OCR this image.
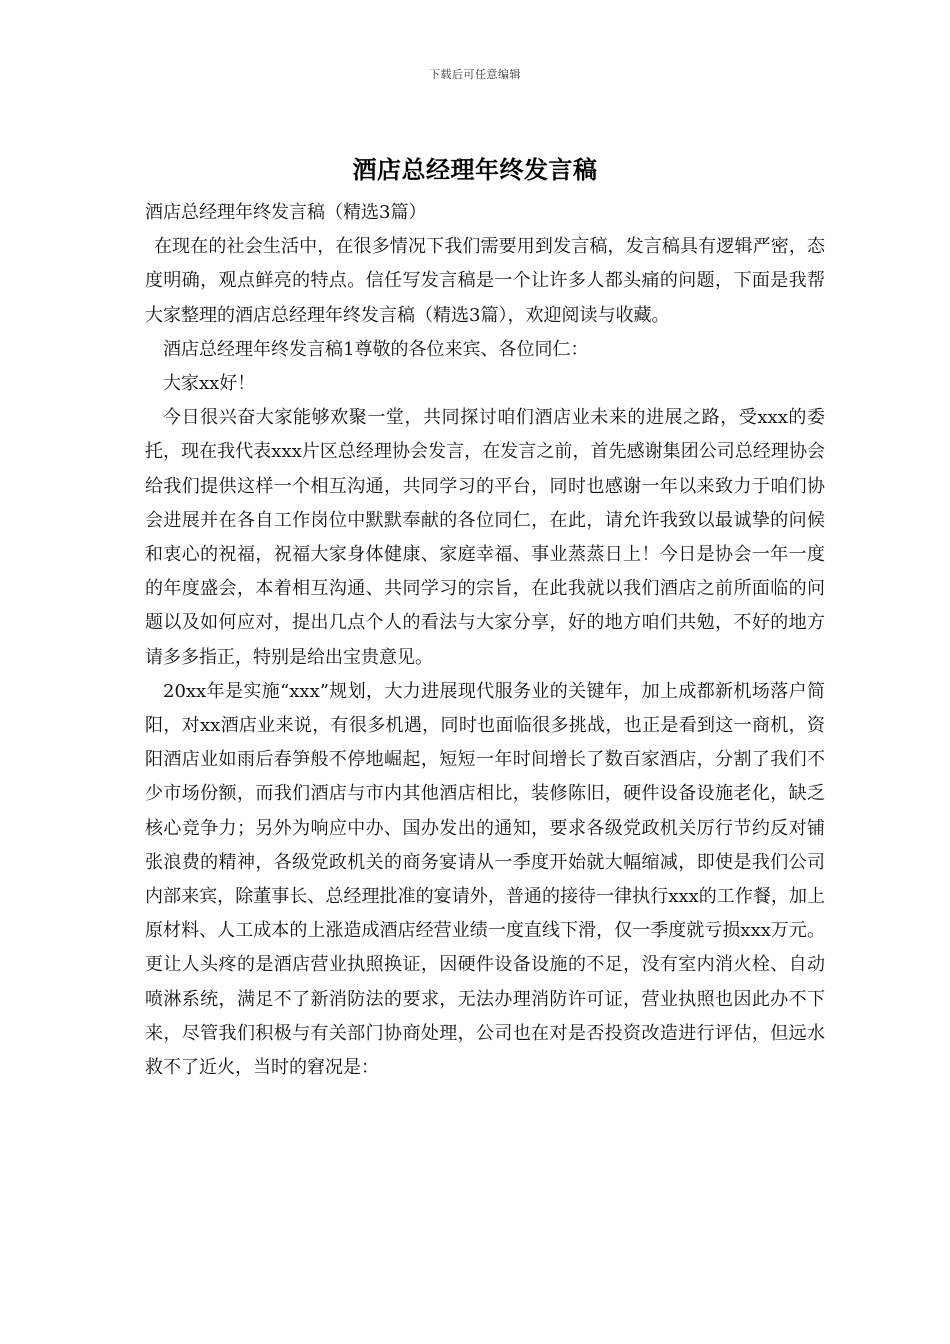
下载后可任意编辑
酒店总经理年终发言稿

酒店总经理年终发言稿（精选3篇）

在现在的社会生活中，在很多情况下我们需要用到发言稿，发言稿具有逻辑严密，态度明确，观点鲜亮的特点。信任写发言稿是一个让许多人都头痛的问题，下面是我帮大家整理的酒店总经理年终发言稿（精选3篇），欢迎阅读与收藏。

酒店总经理年终发言稿1尊敬的各位来宾、各位同仁：

大家xx好！

今日很兴奋大家能够欢聚一堂，共同探讨咱们酒店业未来的进展之路，受xxx的委托，现在我代表xxx片区总经理协会发言，在发言之前，首先感谢集团公司总经理协会给我们提供这样一个相互沟通，共同学习的平台，同时也感谢一年以来致力于咱们协会进展并在各自工作岗位中默默奉献的各位同仁，在此，请允许我致以最诚挚的问候和衷心的祝福，祝福大家身体健康、家庭幸福、事业蒸蒸日上！今日是协会一年一度的年度盛会，本着相互沟通、共同学习的宗旨，在此我就以我们酒店之前所面临的问题以及如何应对，提出几点个人的看法与大家分享，好的地方咱们共勉，不好的地方请多多指正，特别是给出宝贵意见。

20xx年是实施“xxx”规划，大力进展现代服务业的关键年，加上成都新机场落户简阳，对xx酒店业来说，有很多机遇，同时也面临很多挑战，也正是看到这一商机，资阳酒店业如雨后春笋般不停地崛起，短短一年时间增长了数百家酒店，分割了我们不少市场份额，而我们酒店与市内其他酒店相比，装修陈旧，硬件设备设施老化，缺乏核心竞争力；另外为响应中办、国办发出的通知，要求各级党政机关厉行节约反对铺张浪费的精神，各级党政机关的商务宴请从一季度开始就大幅缩减，即使是我们公司内部来宾，除董事长、总经理批准的宴请外，普通的接待一律执行xxx的工作餐，加上原材料、人工成本的上涨造成酒店经营业绩一度直线下滑，仅一季度就亏损xxx万元。更让人头疼的是酒店营业执照换证，因硬件设备设施的不足，没有室内消火栓、自动喷淋系统，满足不了新消防法的要求，无法办理消防许可证，营业执照也因此办不下来，尽管我们积极与有关部门协商处理，公司也在对是否投资改造进行评估，但远水救不了近火，当时的窘况是：
